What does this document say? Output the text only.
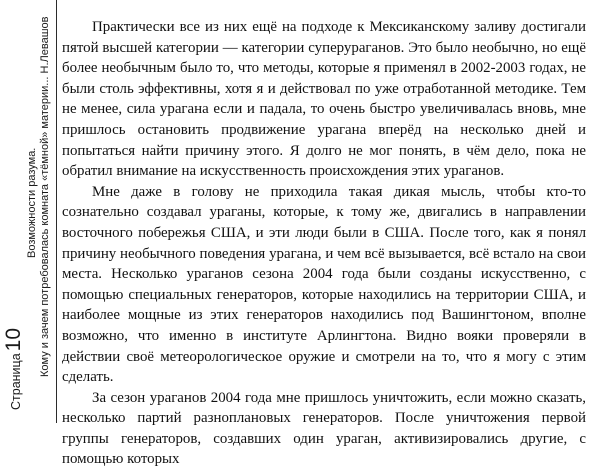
Страница10
Возможности разума. Кому и зачем потребовалась комната «тёмной» материи... Н.Левашов	Практически все из них ещё на подходе к Мексиканскому заливу достигали пятой высшей категории — категории суперураганов. Это было необычно, но ещё более необычным было то, что методы, которые я применял в 2002-2003 годах, не были столь эффективны, хотя я и действовал по уже отработанной методике. Тем не менее, сила урагана если и падала, то очень быстро увеличивалась вновь, мне пришлось остановить продвижение урагана вперёд на несколько дней и попытаться найти причину этого. Я долго не мог понять, в чём дело, пока не обратил внимание на искусственность происхождения этих ураганов.

Мне даже в голову не приходила такая дикая мысль, чтобы кто-то сознательно создавал ураганы, которые, к тому же, двигались в направлении восточного побережья США, и эти люди были в США. После того, как я понял причину необычного поведения урагана, и чем всё вызывается, всё встало на свои места. Несколько ураганов сезона 2004 года были созданы искусственно, с помощью специальных генераторов, которые находились на территории США, и наиболее мощные из этих генераторов находились под Вашингтоном, вполне возможно, что именно в институте Арлингтона. Видно вояки проверяли в действии своё метеорологическое оружие и смотрели на то, что я могу с этим сделать.

За сезон ураганов 2004 года мне пришлось уничтожить, если можно сказать, несколько партий разноплановых генераторов. После уничтожения первой группы генераторов, создавших один ураган, активизировались другие, с помощью которых
